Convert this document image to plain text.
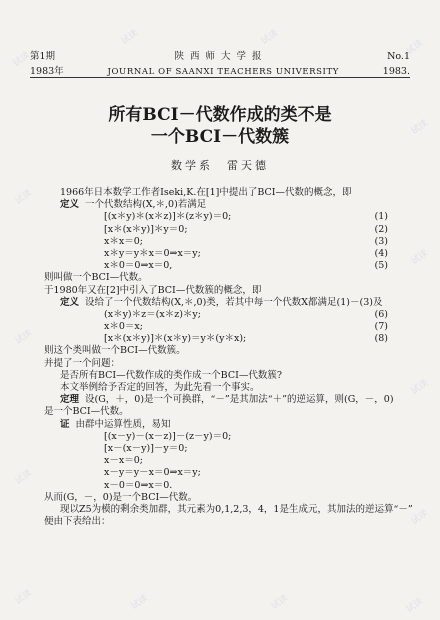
试读
试读	试读
试读
试读
试读
试读
试读
试读
试读
试读
试读	试读	试读	试读
第1期	陕西师大学报	No.1
1983年	JOURNAL OF SAANXI TEACHERS UNIVERSITY	1983.
所有BCI－代数作成的类不是
一个BCI－代数簇
数学系　雷天德
1966年日本数学工作者Iseki,K.在[1]中提出了BCI—代数的概念，即
定义 一个代数结构(X,＊,0)若满足
[(x＊y)＊(x＊z)]＊(z＊y)＝0;	(1)
[x＊(x＊y)]＊y＝0;	(2)
x＊x＝0;	(3)
x＊y＝y＊x＝0⇒x＝y;	(4)
x＊0＝0⇒x＝0,	(5)
则叫做一个BCI—代数。
于1980年又在[2]中引入了BCI—代数簇的概念，即
定义 设给了一个代数结构(X,＊,0)类，若其中每一个代数X都满足(1)－(3)及
(x＊y)＊z＝(x＊z)＊y;	(6)
x＊0＝x;	(7)
[x＊(x＊y)]＊(x＊y)＝y＊(y＊x);	(8)
则这个类叫做一个BCI—代数簇。
并提了一个问题：
是否所有BCI—代数作成的类作成一个BCI—代数簇?
本文举例给予否定的回答，为此先看一个事实。
定理 设(G，＋，0)是一个可换群，“－”是其加法“＋”的逆运算，则(G，－，0)
是一个BCI—代数。
证 由群中运算性质，易知
[(x－y)－(x－z)]－(z－y)＝0;
[x－(x－y)]－y＝0;
x－x＝0;
x－y＝y－x＝0⇒x＝y;
x－0＝0⇒x＝0.
从而(G，－，0)是一个BCI—代数。
现以Z5为模的剩余类加群，其元素为0,1,2,3，4，1是生成元，其加法的逆运算“－”
便由下表给出：
